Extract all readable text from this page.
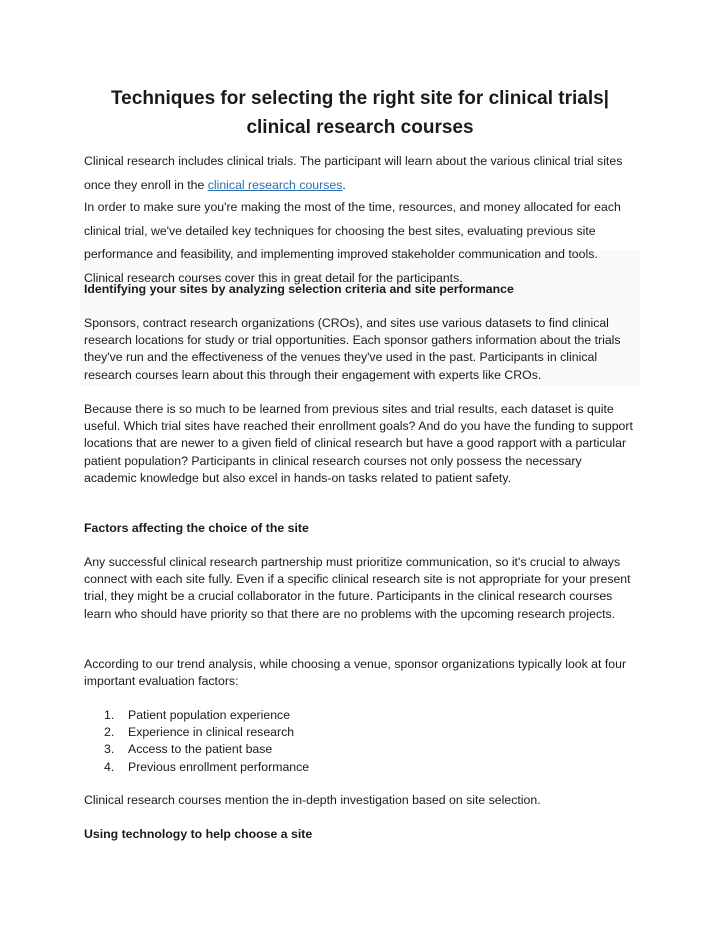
Techniques for selecting the right site for clinical trials| clinical research courses

Clinical research includes clinical trials. The participant will learn about the various clinical trial sites once they enroll in the clinical research courses.

In order to make sure you're making the most of the time, resources, and money allocated for each clinical trial, we've detailed key techniques for choosing the best sites, evaluating previous site performance and feasibility, and implementing improved stakeholder communication and tools. Clinical research courses cover this in great detail for the participants.

Identifying your sites by analyzing selection criteria and site performance

Sponsors, contract research organizations (CROs), and sites use various datasets to find clinical research locations for study or trial opportunities. Each sponsor gathers information about the trials they've run and the effectiveness of the venues they've used in the past. Participants in clinical research courses learn about this through their engagement with experts like CROs.

Because there is so much to be learned from previous sites and trial results, each dataset is quite useful. Which trial sites have reached their enrollment goals? And do you have the funding to support locations that are newer to a given field of clinical research but have a good rapport with a particular patient population? Participants in clinical research courses not only possess the necessary academic knowledge but also excel in hands-on tasks related to patient safety.

Factors affecting the choice of the site

Any successful clinical research partnership must prioritize communication, so it's crucial to always connect with each site fully. Even if a specific clinical research site is not appropriate for your present trial, they might be a crucial collaborator in the future. Participants in the clinical research courses learn who should have priority so that there are no problems with the upcoming research projects.

According to our trend analysis, while choosing a venue, sponsor organizations typically look at four important evaluation factors:

1. Patient population experience
2. Experience in clinical research
3. Access to the patient base
4. Previous enrollment performance

Clinical research courses mention the in-depth investigation based on site selection.

Using technology to help choose a site
